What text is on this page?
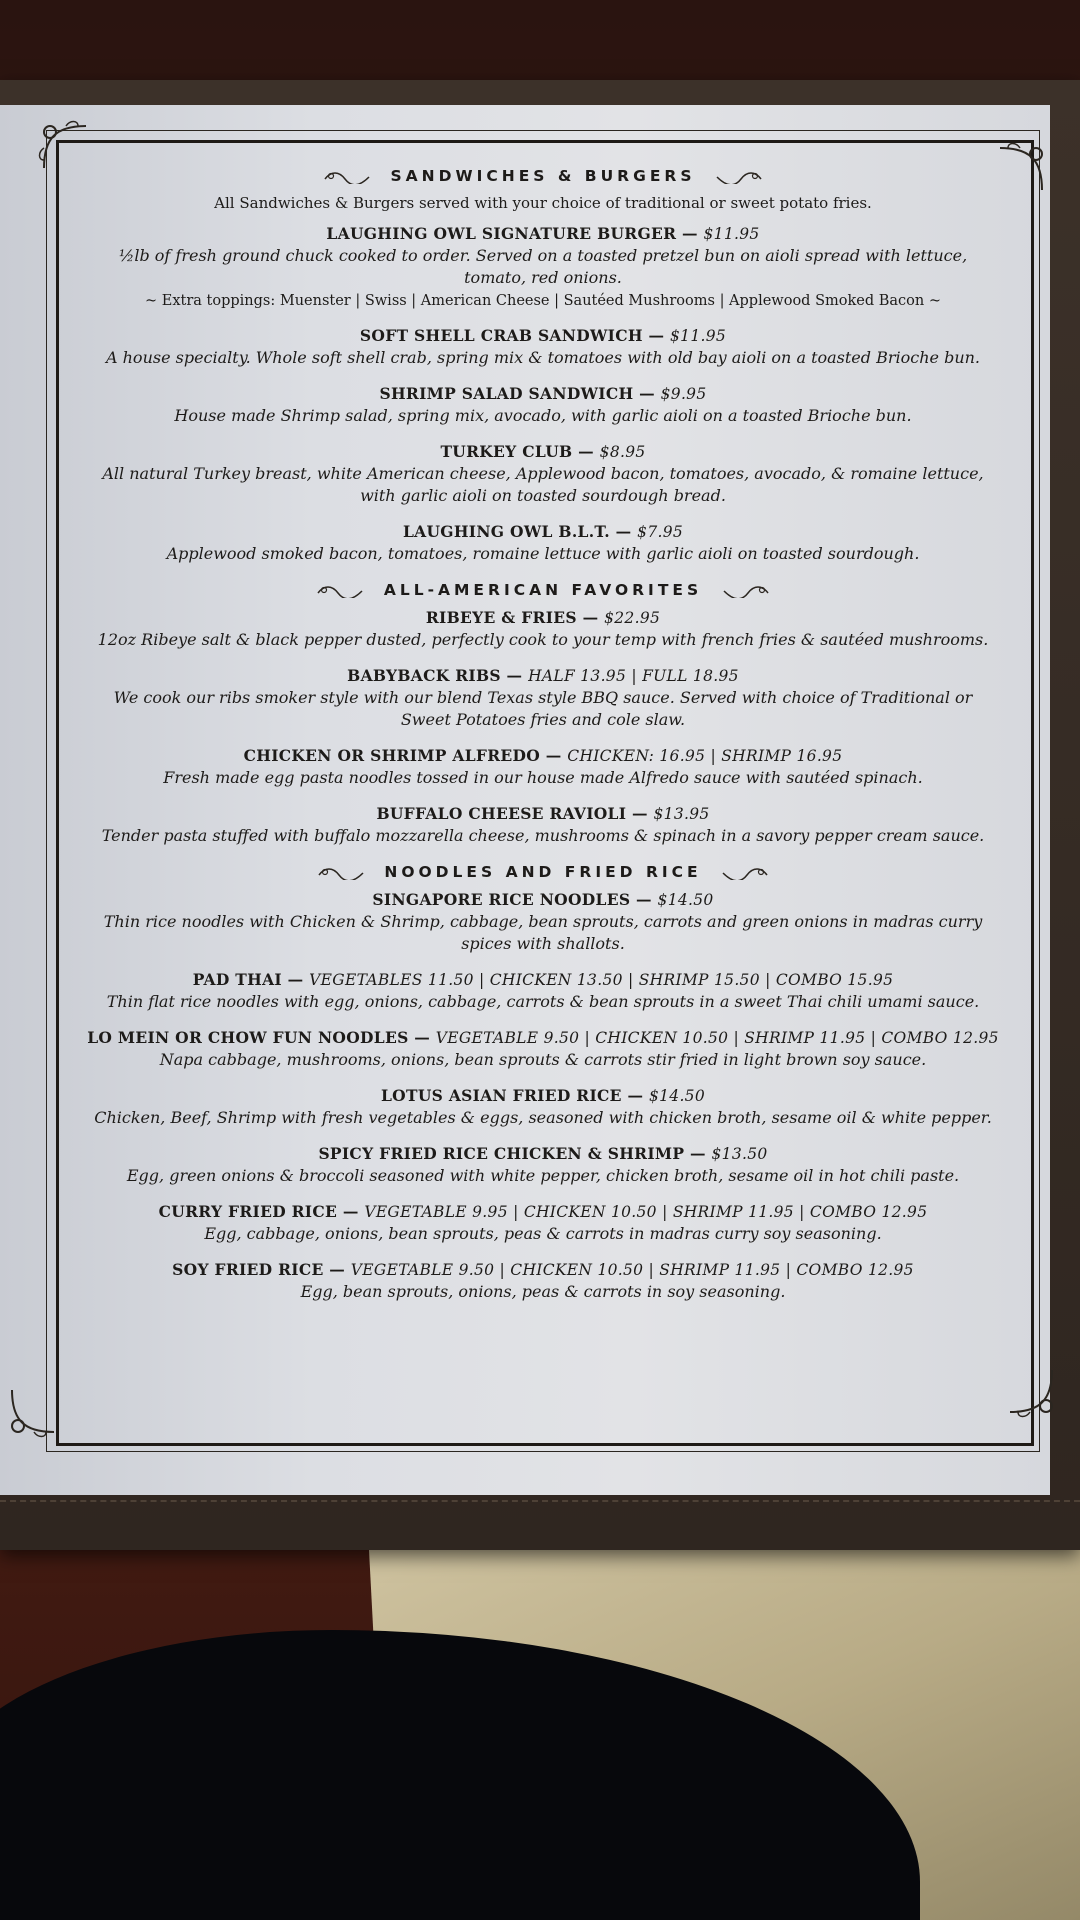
SANDWICHES & BURGERS
All Sandwiches & Burgers served with your choice of traditional or sweet potato fries.
LAUGHING OWL SIGNATURE BURGER — $11.95
½lb of fresh ground chuck cooked to order. Served on a toasted pretzel bun on aioli spread with lettuce, tomato, red onions.
~ Extra toppings: Muenster | Swiss | American Cheese | Sautéed Mushrooms | Applewood Smoked Bacon ~
SOFT SHELL CRAB SANDWICH — $11.95
A house specialty. Whole soft shell crab, spring mix & tomatoes with old bay aioli on a toasted Brioche bun.
SHRIMP SALAD SANDWICH — $9.95
House made Shrimp salad, spring mix, avocado, with garlic aioli on a toasted Brioche bun.
TURKEY CLUB — $8.95
All natural Turkey breast, white American cheese, Applewood bacon, tomatoes, avocado, & romaine lettuce, with garlic aioli on toasted sourdough bread.
LAUGHING OWL B.L.T. — $7.95
Applewood smoked bacon, tomatoes, romaine lettuce with garlic aioli on toasted sourdough.
ALL-AMERICAN FAVORITES
RIBEYE & FRIES — $22.95
12oz Ribeye salt & black pepper dusted, perfectly cook to your temp with french fries & sautéed mushrooms.
BABYBACK RIBS — HALF 13.95 | FULL 18.95
We cook our ribs smoker style with our blend Texas style BBQ sauce. Served with choice of Traditional or Sweet Potatoes fries and cole slaw.
CHICKEN OR SHRIMP ALFREDO — CHICKEN: 16.95 | SHRIMP 16.95
Fresh made egg pasta noodles tossed in our house made Alfredo sauce with sautéed spinach.
BUFFALO CHEESE RAVIOLI — $13.95
Tender pasta stuffed with buffalo mozzarella cheese, mushrooms & spinach in a savory pepper cream sauce.
NOODLES AND FRIED RICE
SINGAPORE RICE NOODLES — $14.50
Thin rice noodles with Chicken & Shrimp, cabbage, bean sprouts, carrots and green onions in madras curry spices with shallots.
PAD THAI — VEGETABLES 11.50 | CHICKEN 13.50 | SHRIMP 15.50 | COMBO 15.95
Thin flat rice noodles with egg, onions, cabbage, carrots & bean sprouts in a sweet Thai chili umami sauce.
LO MEIN OR CHOW FUN NOODLES — VEGETABLE 9.50 | CHICKEN 10.50 | SHRIMP 11.95 | COMBO 12.95
Napa cabbage, mushrooms, onions, bean sprouts & carrots stir fried in light brown soy sauce.
LOTUS ASIAN FRIED RICE — $14.50
Chicken, Beef, Shrimp with fresh vegetables & eggs, seasoned with chicken broth, sesame oil & white pepper.
SPICY FRIED RICE CHICKEN & SHRIMP — $13.50
Egg, green onions & broccoli seasoned with white pepper, chicken broth, sesame oil in hot chili paste.
CURRY FRIED RICE — VEGETABLE 9.95 | CHICKEN 10.50 | SHRIMP 11.95 | COMBO 12.95
Egg, cabbage, onions, bean sprouts, peas & carrots in madras curry soy seasoning.
SOY FRIED RICE — VEGETABLE 9.50 | CHICKEN 10.50 | SHRIMP 11.95 | COMBO 12.95
Egg, bean sprouts, onions, peas & carrots in soy seasoning.
